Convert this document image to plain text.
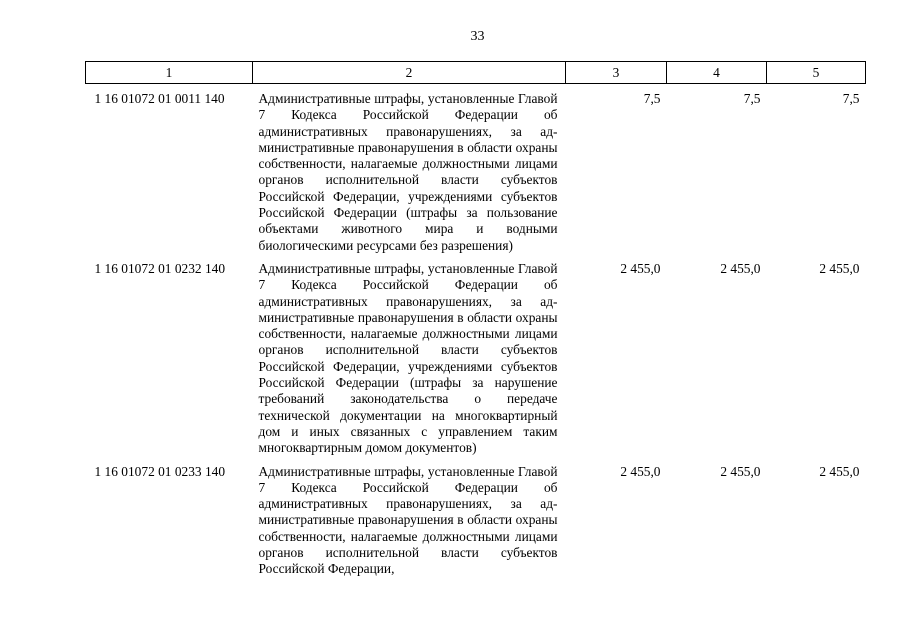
33
1	2	3	4	5
1 16 01072 01 0011 140	Административные штрафы, установленные Главой 7 Кодекса Российской Федерации об административных правонарушениях, за административные правонарушения в области охраны собственности, налагаемые должностными лицами органов исполнительной власти субъектов Российской Федерации, учреждениями субъектов Российской Федерации (штрафы за пользование объектами животного мира и водными биологическими ресурсами без разрешения)	7,5	7,5	7,5
1 16 01072 01 0232 140	Административные штрафы, установленные Главой 7 Кодекса Российской Федерации об административных правонарушениях, за административные правонарушения в области охраны собственности, налагаемые должностными лицами органов исполнительной власти субъектов Российской Федерации, учреждениями субъектов Российской Федерации (штрафы за нарушение требований законодательства о передаче технической документации на многоквартирный дом и иных связанных с управлением таким многоквартирным домом документов)	2 455,0	2 455,0	2 455,0
1 16 01072 01 0233 140	Административные штрафы, установленные Главой 7 Кодекса Российской Федерации об административных правонарушениях, за административные правонарушения в области охраны собственности, налагаемые должностными лицами органов исполнительной власти субъектов Российской Федерации,	2 455,0	2 455,0	2 455,0
